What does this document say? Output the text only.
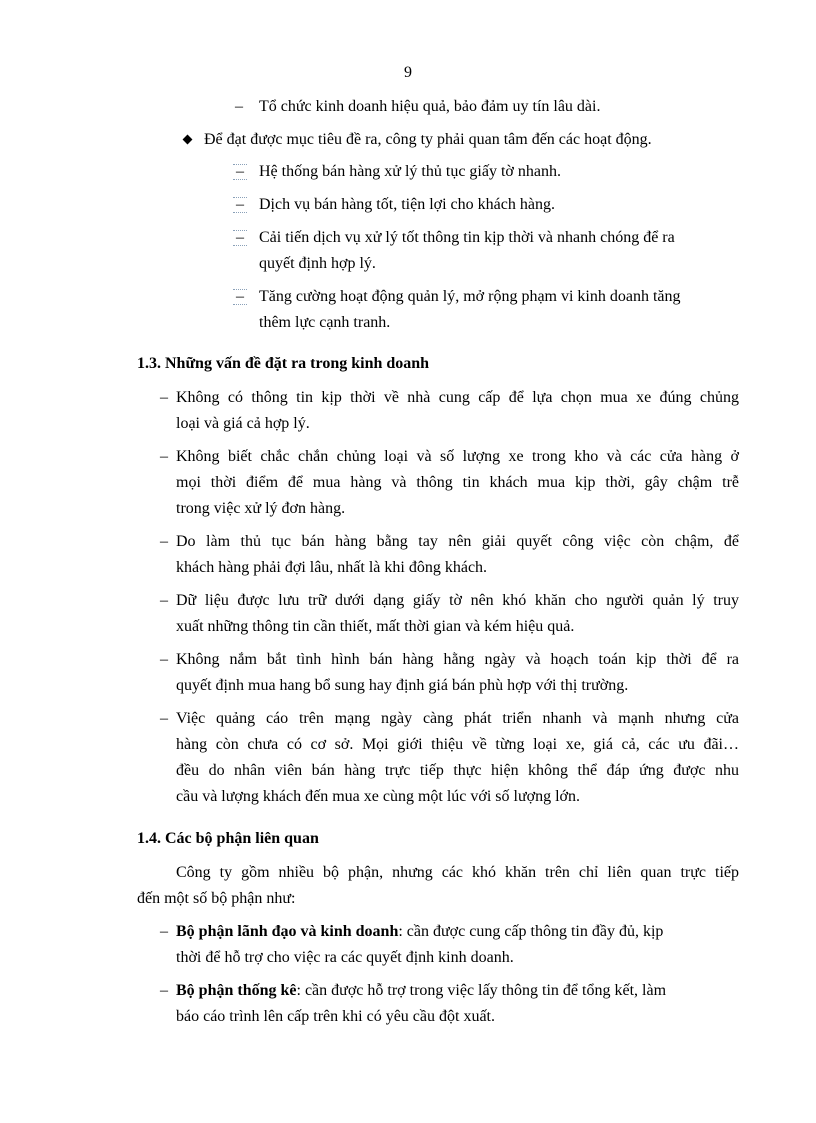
9
– Tổ chức kinh doanh hiệu quả, bảo đảm uy tín lâu dài.
Để đạt được mục tiêu đề ra, công ty phải quan tâm đến các hoạt động.
– Hệ thống bán hàng xử lý thủ tục giấy tờ nhanh.
– Dịch vụ bán hàng tốt, tiện lợi cho khách hàng.
– Cải tiến dịch vụ xử lý tốt thông tin kịp thời và nhanh chóng để ra
quyết định hợp lý.
– Tăng cường hoạt động quản lý, mở rộng phạm vi kinh doanh tăng
thêm lực cạnh tranh.
1.3. Những vấn đề đặt ra trong kinh doanh
– Không có thông tin kịp thời về nhà cung cấp để lựa chọn mua xe đúng chủng
loại và giá cả hợp lý.
– Không biết chắc chắn chủng loại và số lượng xe trong kho và các cửa hàng ở
mọi thời điểm để mua hàng và thông tin khách mua kịp thời, gây chậm trễ
trong việc xử lý đơn hàng.
– Do làm thủ tục bán hàng bằng tay nên giải quyết công việc còn chậm, để
khách hàng phải đợi lâu, nhất là khi đông khách.
– Dữ liệu được lưu trữ dưới dạng giấy tờ nên khó khăn cho người quản lý truy
xuất những thông tin cần thiết, mất thời gian và kém hiệu quả.
– Không nắm bắt tình hình bán hàng hằng ngày và hoạch toán kịp thời để ra
quyết định mua hang bổ sung hay định giá bán phù hợp với thị trường.
– Việc quảng cáo trên mạng ngày càng phát triển nhanh và mạnh nhưng cửa
hàng còn chưa có cơ sở. Mọi giới thiệu về từng loại xe, giá cả, các ưu đãi…
đều do nhân viên bán hàng trực tiếp thực hiện không thể đáp ứng được nhu
cầu và lượng khách đến mua xe cùng một lúc với số lượng lớn.
1.4. Các bộ phận liên quan
Công ty gồm nhiều bộ phận, nhưng các khó khăn trên chỉ liên quan trực tiếp
đến một số bộ phận như:
– Bộ phận lãnh đạo và kinh doanh: cần được cung cấp thông tin đầy đủ, kịp
thời để hỗ trợ cho việc ra các quyết định kinh doanh.
– Bộ phận thống kê: cần được hỗ trợ trong việc lấy thông tin để tổng kết, làm
báo cáo trình lên cấp trên khi có yêu cầu đột xuất.
